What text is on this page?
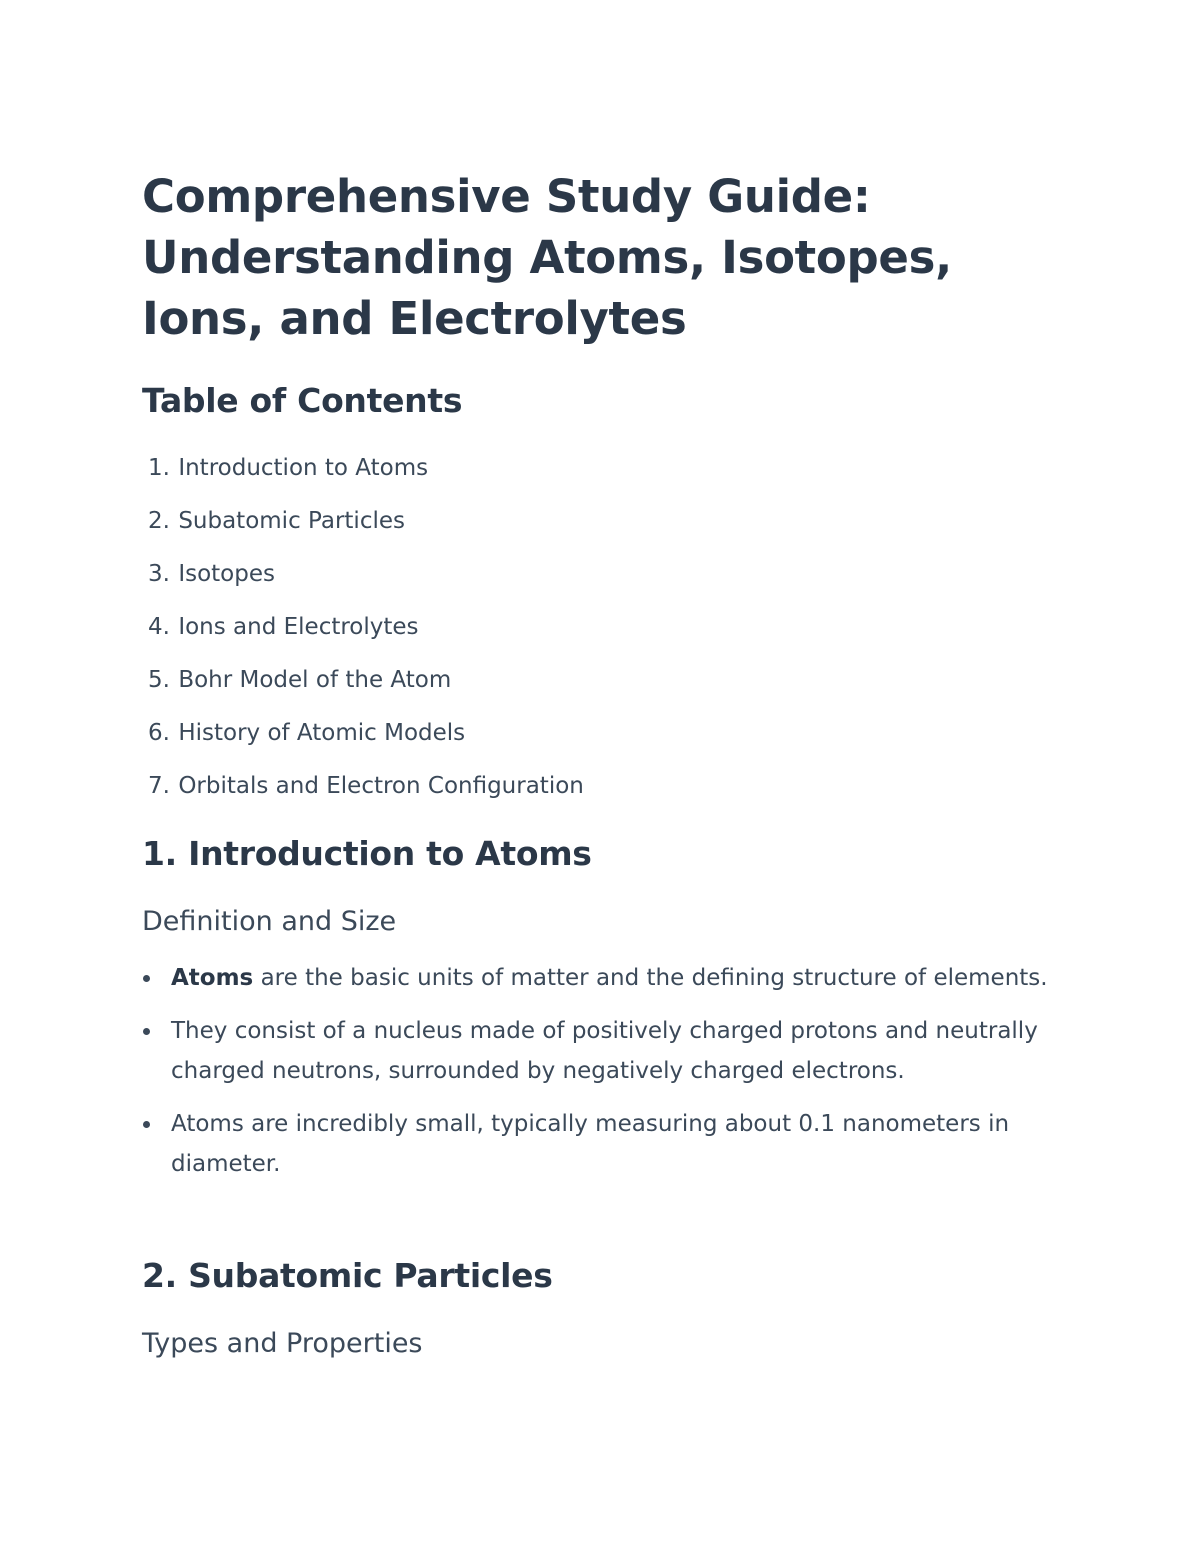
Comprehensive Study Guide: Understanding Atoms, Isotopes, Ions, and Electrolytes
Table of Contents
1. Introduction to Atoms
2. Subatomic Particles
3. Isotopes
4. Ions and Electrolytes
5. Bohr Model of the Atom
6. History of Atomic Models
7. Orbitals and Electron Configuration
1. Introduction to Atoms
Definition and Size
Atoms are the basic units of matter and the defining structure of elements.
They consist of a nucleus made of positively charged protons and neutrally charged neutrons, surrounded by negatively charged electrons.
Atoms are incredibly small, typically measuring about 0.1 nanometers in diameter.
2. Subatomic Particles
Types and Properties
